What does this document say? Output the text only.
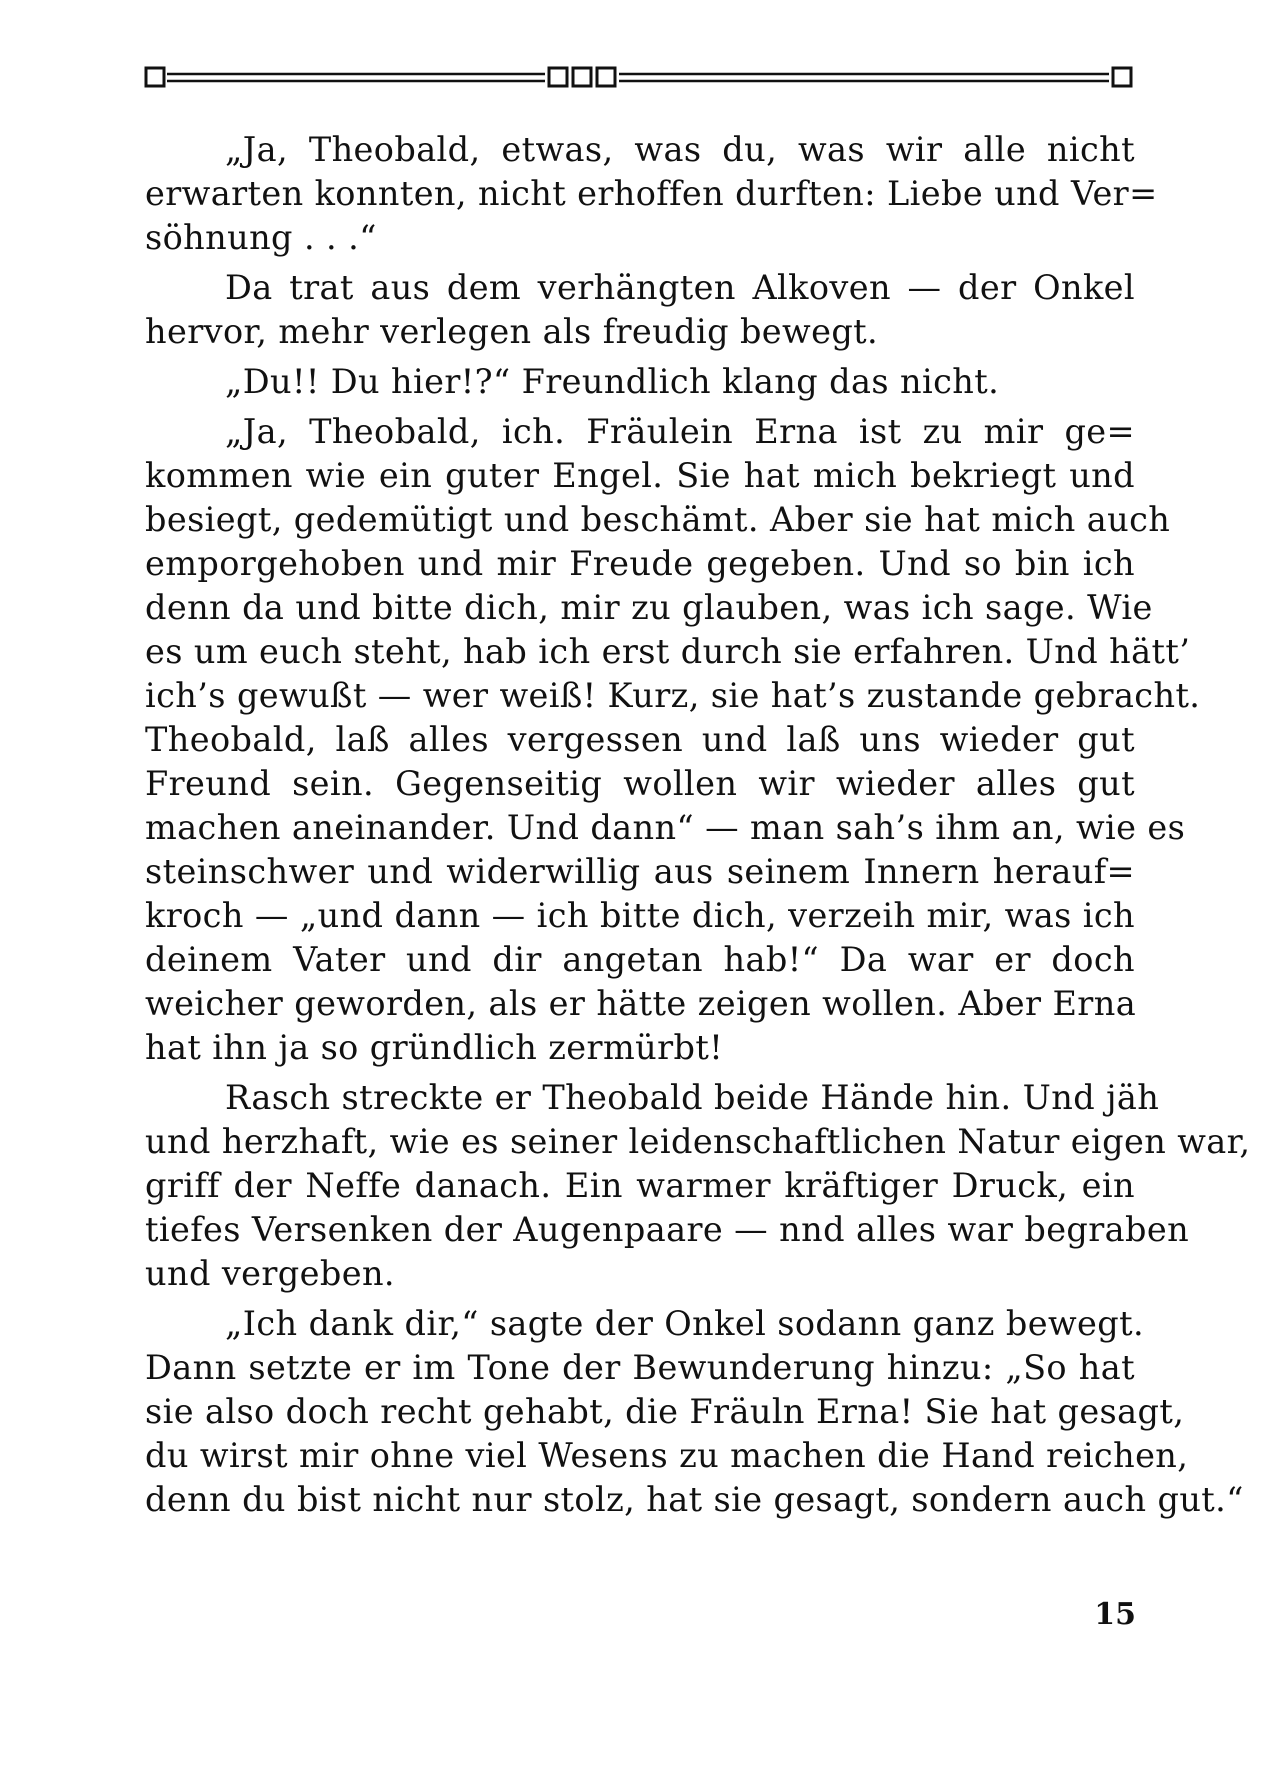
„Ja, Theobald, etwas, was du, was wir alle nicht
erwarten konnten, nicht erhoffen durften: Liebe und Ver=
söhnung . . .“

Da trat aus dem verhängten Alkoven — der Onkel
hervor, mehr verlegen als freudig bewegt.

„Du!! Du hier!?“ Freundlich klang das nicht.

„Ja, Theobald, ich. Fräulein Erna ist zu mir ge=
kommen wie ein guter Engel. Sie hat mich bekriegt und
besiegt, gedemütigt und beschämt. Aber sie hat mich auch
emporgehoben und mir Freude gegeben. Und so bin ich
denn da und bitte dich, mir zu glauben, was ich sage. Wie
es um euch steht, hab ich erst durch sie erfahren. Und hätt’
ich’s gewußt — wer weiß! Kurz, sie hat’s zustande gebracht.
Theobald, laß alles vergessen und laß uns wieder gut
Freund sein. Gegenseitig wollen wir wieder alles gut
machen aneinander. Und dann“ — man sah’s ihm an, wie es
steinschwer und widerwillig aus seinem Innern herauf=
kroch — „und dann — ich bitte dich, verzeih mir, was ich
deinem Vater und dir angetan hab!“ Da war er doch
weicher geworden, als er hätte zeigen wollen. Aber Erna
hat ihn ja so gründlich zermürbt!

Rasch streckte er Theobald beide Hände hin. Und jäh
und herzhaft, wie es seiner leidenschaftlichen Natur eigen war,
griff der Neffe danach. Ein warmer kräftiger Druck, ein
tiefes Versenken der Augenpaare — nnd alles war begraben
und vergeben.

„Ich dank dir,“ sagte der Onkel sodann ganz bewegt.
Dann setzte er im Tone der Bewunderung hinzu: „So hat
sie also doch recht gehabt, die Fräuln Erna! Sie hat gesagt,
du wirst mir ohne viel Wesens zu machen die Hand reichen,
denn du bist nicht nur stolz, hat sie gesagt, sondern auch gut.“

15
